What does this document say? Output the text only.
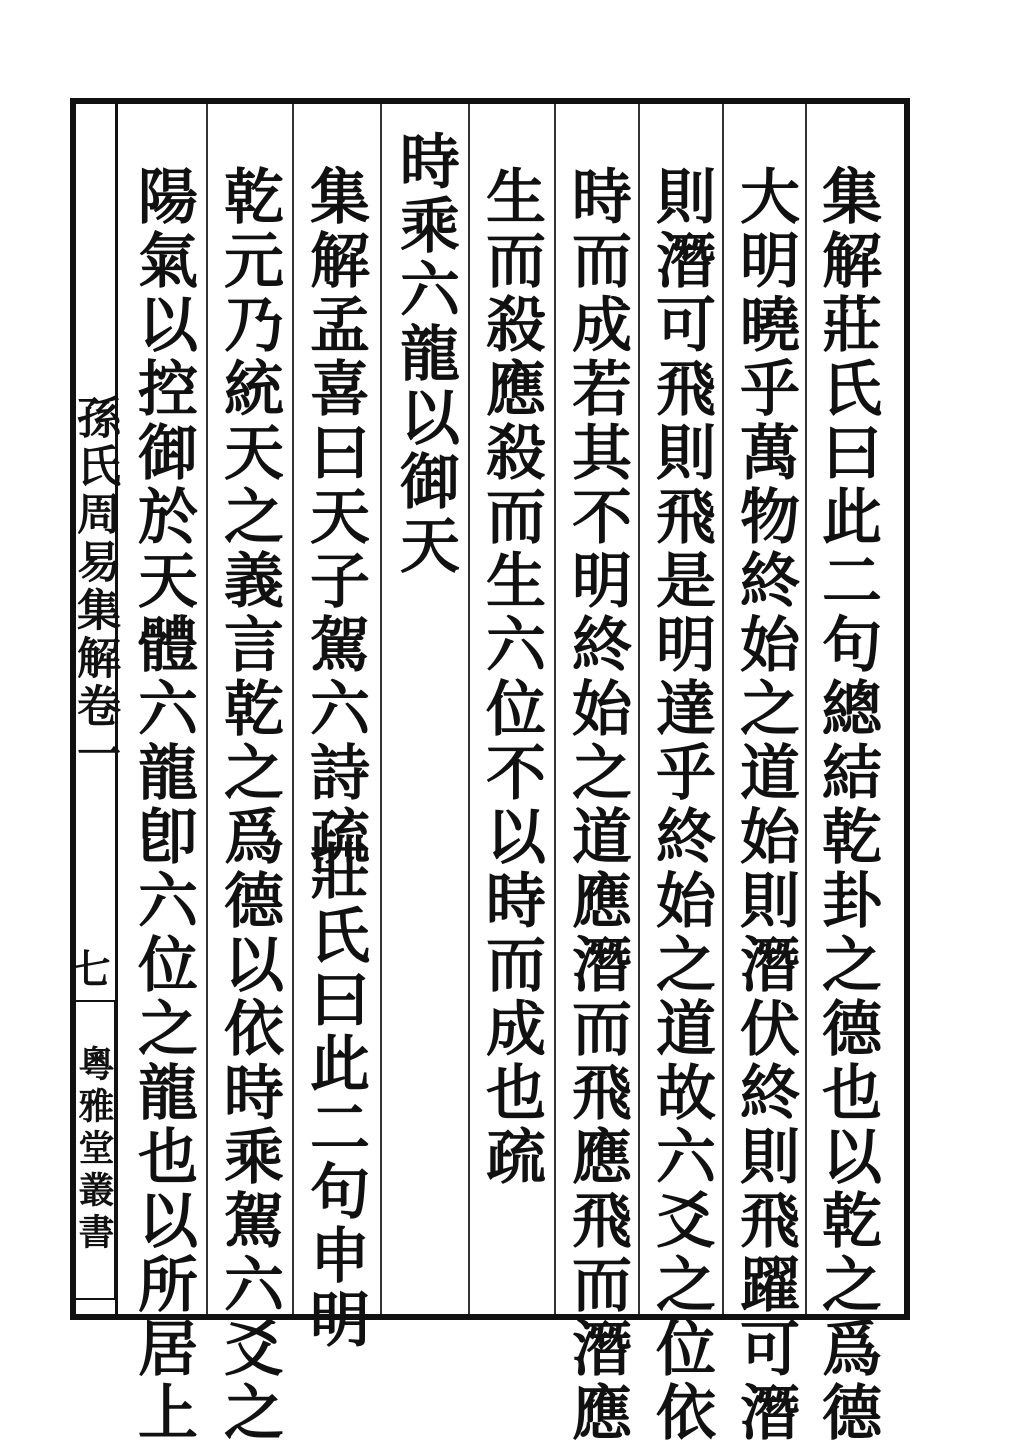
孫氏周易集解卷一
七
粵雅堂叢書	集解莊氏曰此二句總結乾卦之德也以乾之爲德
大明曉乎萬物終始之道始則潛伏終則飛躍可潛
則潛可飛則飛是明達乎終始之道故六爻之位依
時而成若其不明終始之道應潛而飛應飛而潛應
生而殺應殺而生六位不以時而成也疏
時乘六龍以御天
集解孟喜曰天子駕六詩疏
莊氏曰此二句申明
乾元乃統天之義言乾之爲德以依時乘駕六爻之
陽氣以控御於天體六龍卽六位之龍也以所居上
